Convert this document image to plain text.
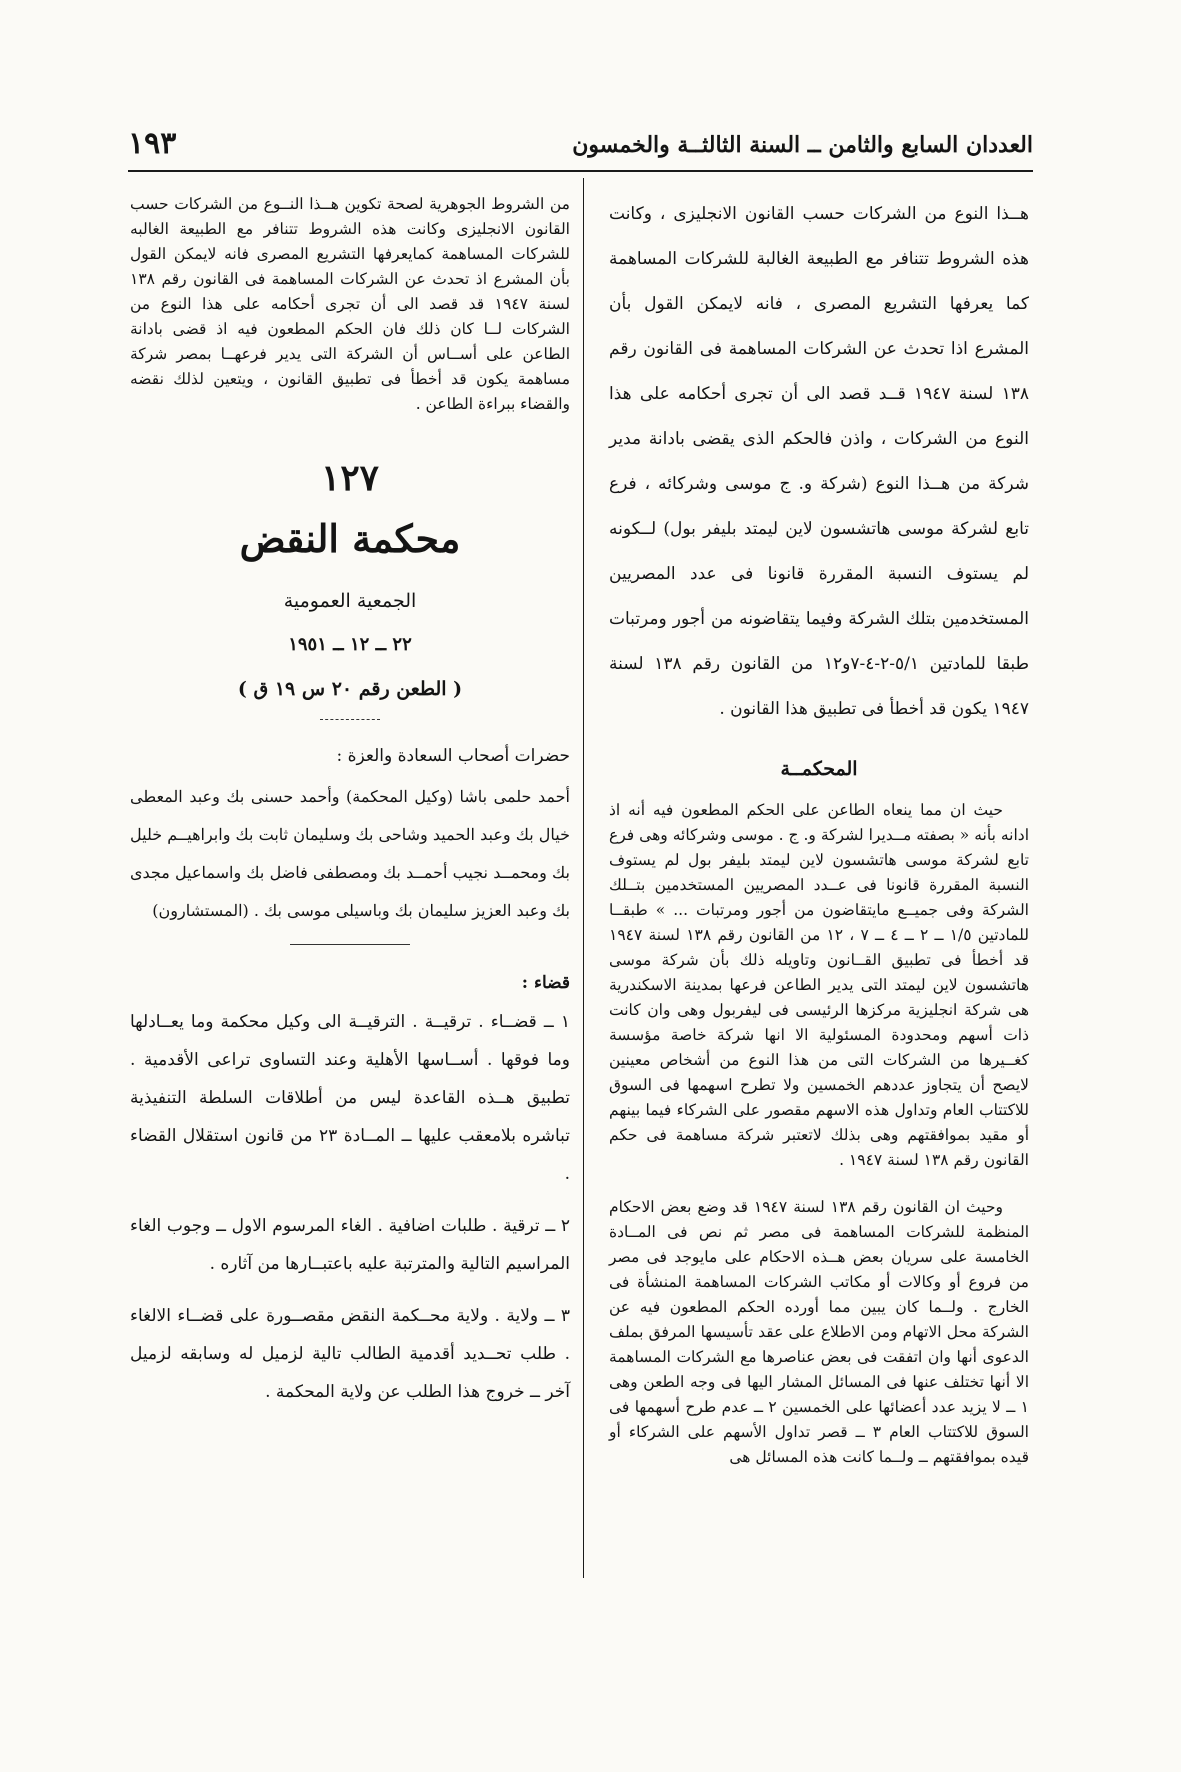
العددان السابع والثامن ــ السنة الثالثــة والخمسون
١٩٣

هــذا النوع من الشركات حسب القانون الانجليزى ، وكانت هذه الشروط تتنافر مع الطبيعة الغالبة للشركات المساهمة كما يعرفها التشريع المصرى ، فانه لايمكن القول بأن المشرع اذا تحدث عن الشركات المساهمة فى القانون رقم ١٣٨ لسنة ١٩٤٧ قــد قصد الى أن تجرى أحكامه على هذا النوع من الشركات ، واذن فالحكم الذى يقضى بادانة مدير شركة من هــذا النوع (شركة و. ج موسى وشركائه ، فرع تابع لشركة موسى هاتشسون لاين ليمتد بليفر بول) لــكونه لم يستوف النسبة المقررة قانونا فى عدد المصريين المستخدمين بتلك الشركة وفيما يتقاضونه من أجور ومرتبات طبقا للمادتين ٥/١-٢-٤-٧و١٢ من القانون رقم ١٣٨ لسنة ١٩٤٧ يكون قد أخطأ فى تطبيق هذا القانون .

المحكمــة

حيث ان مما ينعاه الطاعن على الحكم المطعون فيه أنه اذ ادانه بأنه « بصفته مــديرا لشركة و. ج . موسى وشركائه وهى فرع تابع لشركة موسى هاتشسون لاين ليمتد بليفر بول لم يستوف النسبة المقررة قانونا فى عــدد المصريين المستخدمين بتــلك الشركة وفى جميــع مايتقاضون من أجور ومرتبات ... » طبقــا للمادتين ١/٥ ــ ٢ ــ ٤ ــ ٧ ، ١٢ من القانون رقم ١٣٨ لسنة ١٩٤٧ قد أخطأ فى تطبيق القــانون وتاويله ذلك بأن شركة موسى هاتشسون لاين ليمتد التى يدير الطاعن فرعها بمدينة الاسكندرية هى شركة انجليزية مركزها الرئيسى فى ليفربول وهى وان كانت ذات أسهم ومحدودة المسئولية الا انها شركة خاصة مؤسسة كغــيرها من الشركات التى من هذا النوع من أشخاص معينين لايصح أن يتجاوز عددهم الخمسين ولا تطرح اسهمها فى السوق للاكتتاب العام وتداول هذه الاسهم مقصور على الشركاء فيما بينهم أو مقيد بموافقتهم وهى بذلك لاتعتبر شركة مساهمة فى حكم القانون رقم ١٣٨ لسنة ١٩٤٧ .

وحيث ان القانون رقم ١٣٨ لسنة ١٩٤٧ قد وضع بعض الاحكام المنظمة للشركات المساهمة فى مصر ثم نص فى المــادة الخامسة على سريان بعض هــذه الاحكام على مايوجد فى مصر من فروع أو وكالات أو مكاتب الشركات المساهمة المنشأة فى الخارج . ولــما كان يبين مما أورده الحكم المطعون فيه عن الشركة محل الاتهام ومن الاطلاع على عقد تأسيسها المرفق بملف الدعوى أنها وان اتفقت فى بعض عناصرها مع الشركات المساهمة الا أنها تختلف عنها فى المسائل المشار اليها فى وجه الطعن وهى ١ ــ لا يزيد عدد أعضائها على الخمسين ٢ ــ عدم طرح أسهمها فى السوق للاكتتاب العام ٣ ــ قصر تداول الأسهم على الشركاء أو قيده بموافقتهم ــ ولــما كانت هذه المسائل هى

من الشروط الجوهرية لصحة تكوين هــذا النــوع من الشركات حسب القانون الانجليزى وكانت هذه الشروط تتنافر مع الطبيعة الغالبه للشركات المساهمة كمايعرفها التشريع المصرى فانه لايمكن القول بأن المشرع اذ تحدث عن الشركات المساهمة فى القانون رقم ١٣٨ لسنة ١٩٤٧ قد قصد الى أن تجرى أحكامه على هذا النوع من الشركات لــا كان ذلك فان الحكم المطعون فيه اذ قضى بادانة الطاعن على أســاس أن الشركة التى يدير فرعهــا بمصر شركة مساهمة يكون قد أخطأ فى تطبيق القانون ، ويتعين لذلك نقضه والقضاء ببراءة الطاعن .

١٢٧
محكمة النقض
الجمعية العمومية
٢٢ ــ ١٢ ــ ١٩٥١
( الطعن رقم ٢٠ س ١٩ ق )

حضرات أصحاب السعادة والعزة :

أحمد حلمى باشا (وكيل المحكمة) وأحمد حسنى بك وعبد المعطى خيال بك وعبد الحميد وشاحى بك وسليمان ثابت بك وابراهيــم خليل بك ومحمــد نجيب أحمــد بك ومصطفى فاضل بك واسماعيل مجدى بك وعبد العزيز سليمان بك وباسيلى موسى بك . (المستشارون)

قضاء :

١ ــ قضــاء . ترقيــة . الترقيــة الى وكيل محكمة وما يعــادلها وما فوقها . أســاسها الأهلية وعند التساوى تراعى الأقدمية . تطبيق هــذه القاعدة ليس من أطلاقات السلطة التنفيذية تباشره بلامعقب عليها ــ المــادة ٢٣ من قانون استقلال القضاء .

٢ ــ ترقية . طلبات اضافية . الغاء المرسوم الاول ــ وجوب الغاء المراسيم التالية والمترتبة عليه باعتبــارها من آثاره .

٣ ــ ولاية . ولاية محــكمة النقض مقصــورة على قضــاء الالغاء . طلب تحــديد أقدمية الطالب تالية لزميل له وسابقه لزميل آخر ــ خروج هذا الطلب عن ولاية المحكمة .
